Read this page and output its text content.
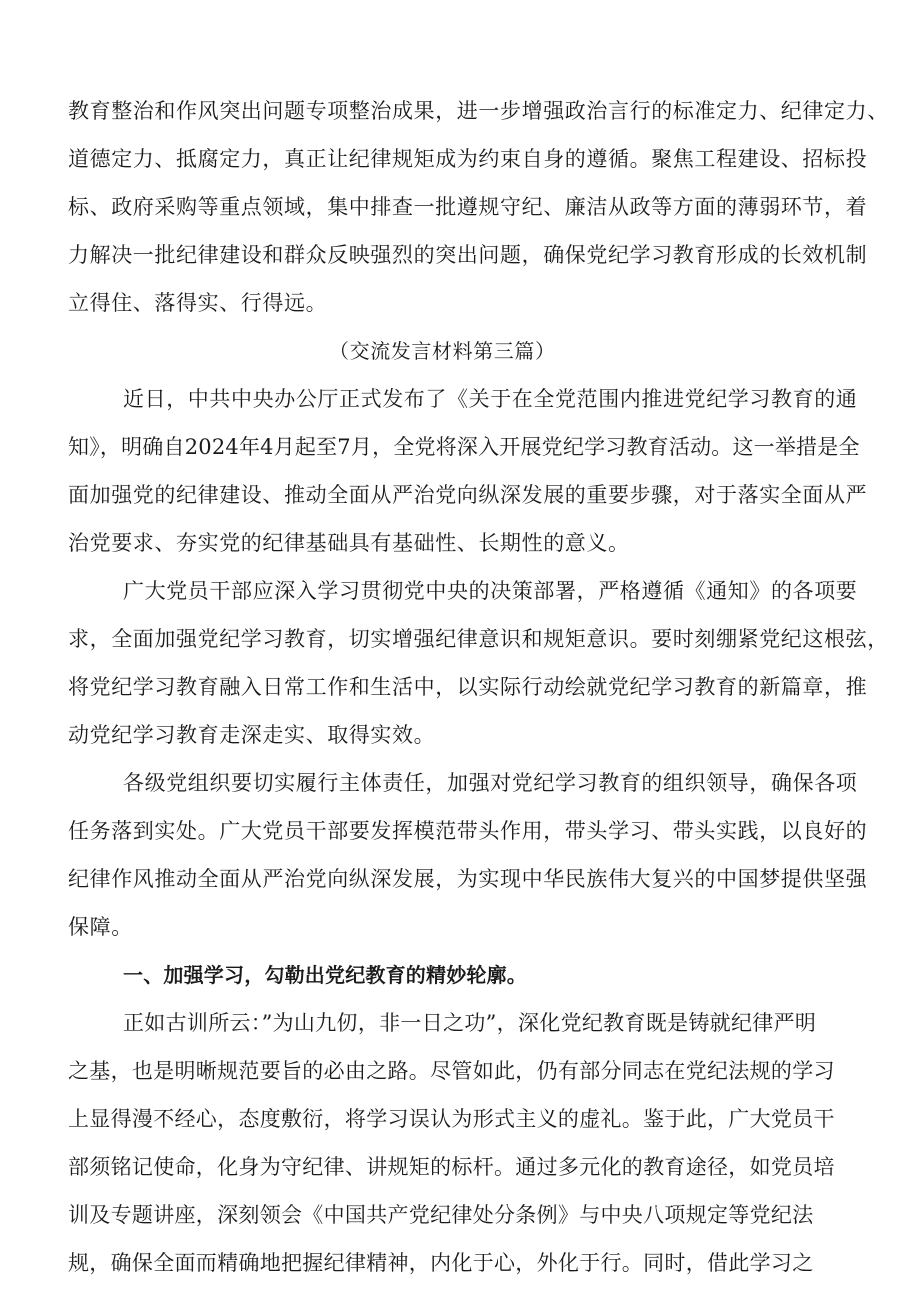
教育整治和作风突出问题专项整治成果，进一步增强政治言行的标准定力、纪律定力、
道德定力、抵腐定力，真正让纪律规矩成为约束自身的遵循。聚焦工程建设、招标投
标、政府采购等重点领域，集中排查一批遵规守纪、廉洁从政等方面的薄弱环节，着
力解决一批纪律建设和群众反映强烈的突出问题，确保党纪学习教育形成的长效机制
立得住、落得实、行得远。
（交流发言材料第三篇）
近日，中共中央办公厅正式发布了《关于在全党范围内推进党纪学习教育的通
知》，明确自2024年4月起至7月，全党将深入开展党纪学习教育活动。这一举措是全
面加强党的纪律建设、推动全面从严治党向纵深发展的重要步骤，对于落实全面从严
治党要求、夯实党的纪律基础具有基础性、长期性的意义。
广大党员干部应深入学习贯彻党中央的决策部署，严格遵循《通知》的各项要
求，全面加强党纪学习教育，切实增强纪律意识和规矩意识。要时刻绷紧党纪这根弦，
将党纪学习教育融入日常工作和生活中，以实际行动绘就党纪学习教育的新篇章，推
动党纪学习教育走深走实、取得实效。
各级党组织要切实履行主体责任，加强对党纪学习教育的组织领导，确保各项
任务落到实处。广大党员干部要发挥模范带头作用，带头学习、带头实践，以良好的
纪律作风推动全面从严治党向纵深发展，为实现中华民族伟大复兴的中国梦提供坚强
保障。
一、加强学习，勾勒出党纪教育的精妙轮廓。
正如古训所云：”为山九仞，非一日之功”，深化党纪教育既是铸就纪律严明
之基，也是明晰规范要旨的必由之路。尽管如此，仍有部分同志在党纪法规的学习
上显得漫不经心，态度敷衍，将学习误认为形式主义的虚礼。鉴于此，广大党员干
部须铭记使命，化身为守纪律、讲规矩的标杆。通过多元化的教育途径，如党员培
训及专题讲座，深刻领会《中国共产党纪律处分条例》与中央八项规定等党纪法
规，确保全面而精确地把握纪律精神，内化于心，外化于行。同时，借此学习之
